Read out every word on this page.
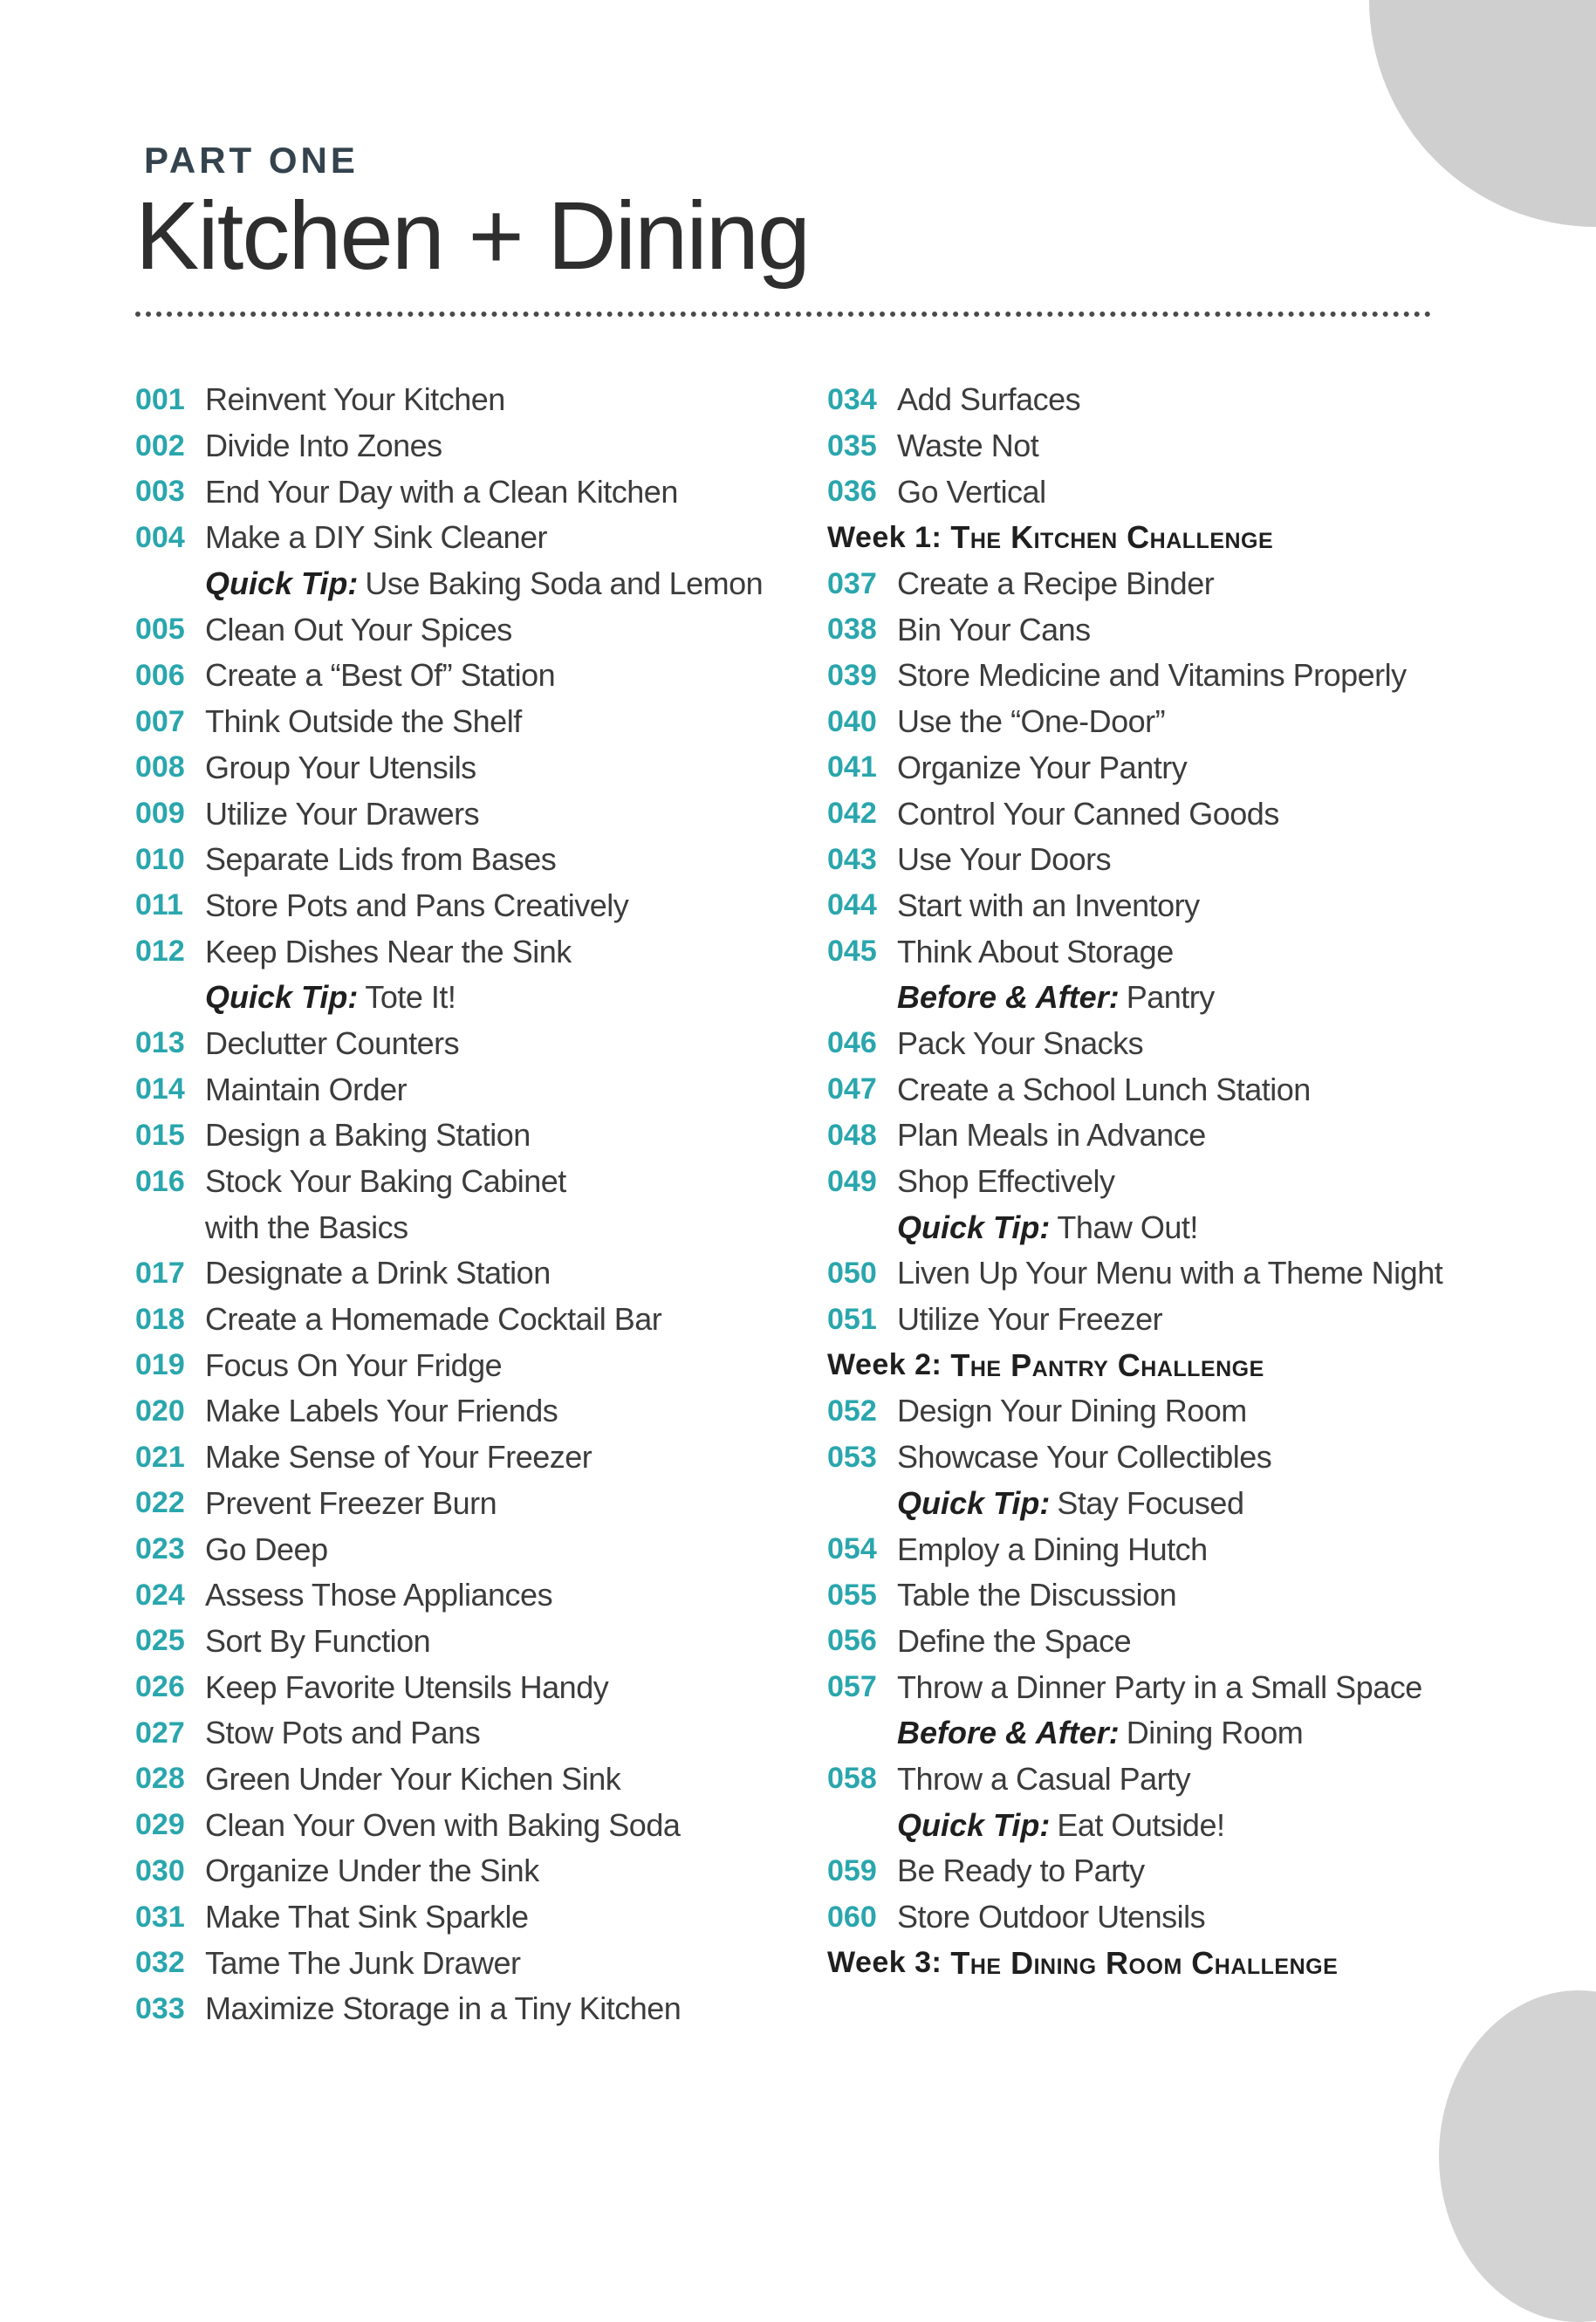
PART ONE
Kitchen + Dining
001 Reinvent Your Kitchen
002 Divide Into Zones
003 End Your Day with a Clean Kitchen
004 Make a DIY Sink Cleaner
Quick Tip: Use Baking Soda and Lemon
005 Clean Out Your Spices
006 Create a “Best Of” Station
007 Think Outside the Shelf
008 Group Your Utensils
009 Utilize Your Drawers
010 Separate Lids from Bases
011 Store Pots and Pans Creatively
012 Keep Dishes Near the Sink
Quick Tip: Tote It!
013 Declutter Counters
014 Maintain Order
015 Design a Baking Station
016 Stock Your Baking Cabinet
with the Basics
017 Designate a Drink Station
018 Create a Homemade Cocktail Bar
019 Focus On Your Fridge
020 Make Labels Your Friends
021 Make Sense of Your Freezer
022 Prevent Freezer Burn
023 Go Deep
024 Assess Those Appliances
025 Sort By Function
026 Keep Favorite Utensils Handy
027 Stow Pots and Pans
028 Green Under Your Kichen Sink
029 Clean Your Oven with Baking Soda
030 Organize Under the Sink
031 Make That Sink Sparkle
032 Tame The Junk Drawer
033 Maximize Storage in a Tiny Kitchen
034 Add Surfaces
035 Waste Not
036 Go Vertical
Week 1: The Kitchen Challenge
037 Create a Recipe Binder
038 Bin Your Cans
039 Store Medicine and Vitamins Properly
040 Use the “One-Door”
041 Organize Your Pantry
042 Control Your Canned Goods
043 Use Your Doors
044 Start with an Inventory
045 Think About Storage
Before & After: Pantry
046 Pack Your Snacks
047 Create a School Lunch Station
048 Plan Meals in Advance
049 Shop Effectively
Quick Tip: Thaw Out!
050 Liven Up Your Menu with a Theme Night
051 Utilize Your Freezer
Week 2: The Pantry Challenge
052 Design Your Dining Room
053 Showcase Your Collectibles
Quick Tip: Stay Focused
054 Employ a Dining Hutch
055 Table the Discussion
056 Define the Space
057 Throw a Dinner Party in a Small Space
Before & After: Dining Room
058 Throw a Casual Party
Quick Tip: Eat Outside!
059 Be Ready to Party
060 Store Outdoor Utensils
Week 3: The Dining Room Challenge
